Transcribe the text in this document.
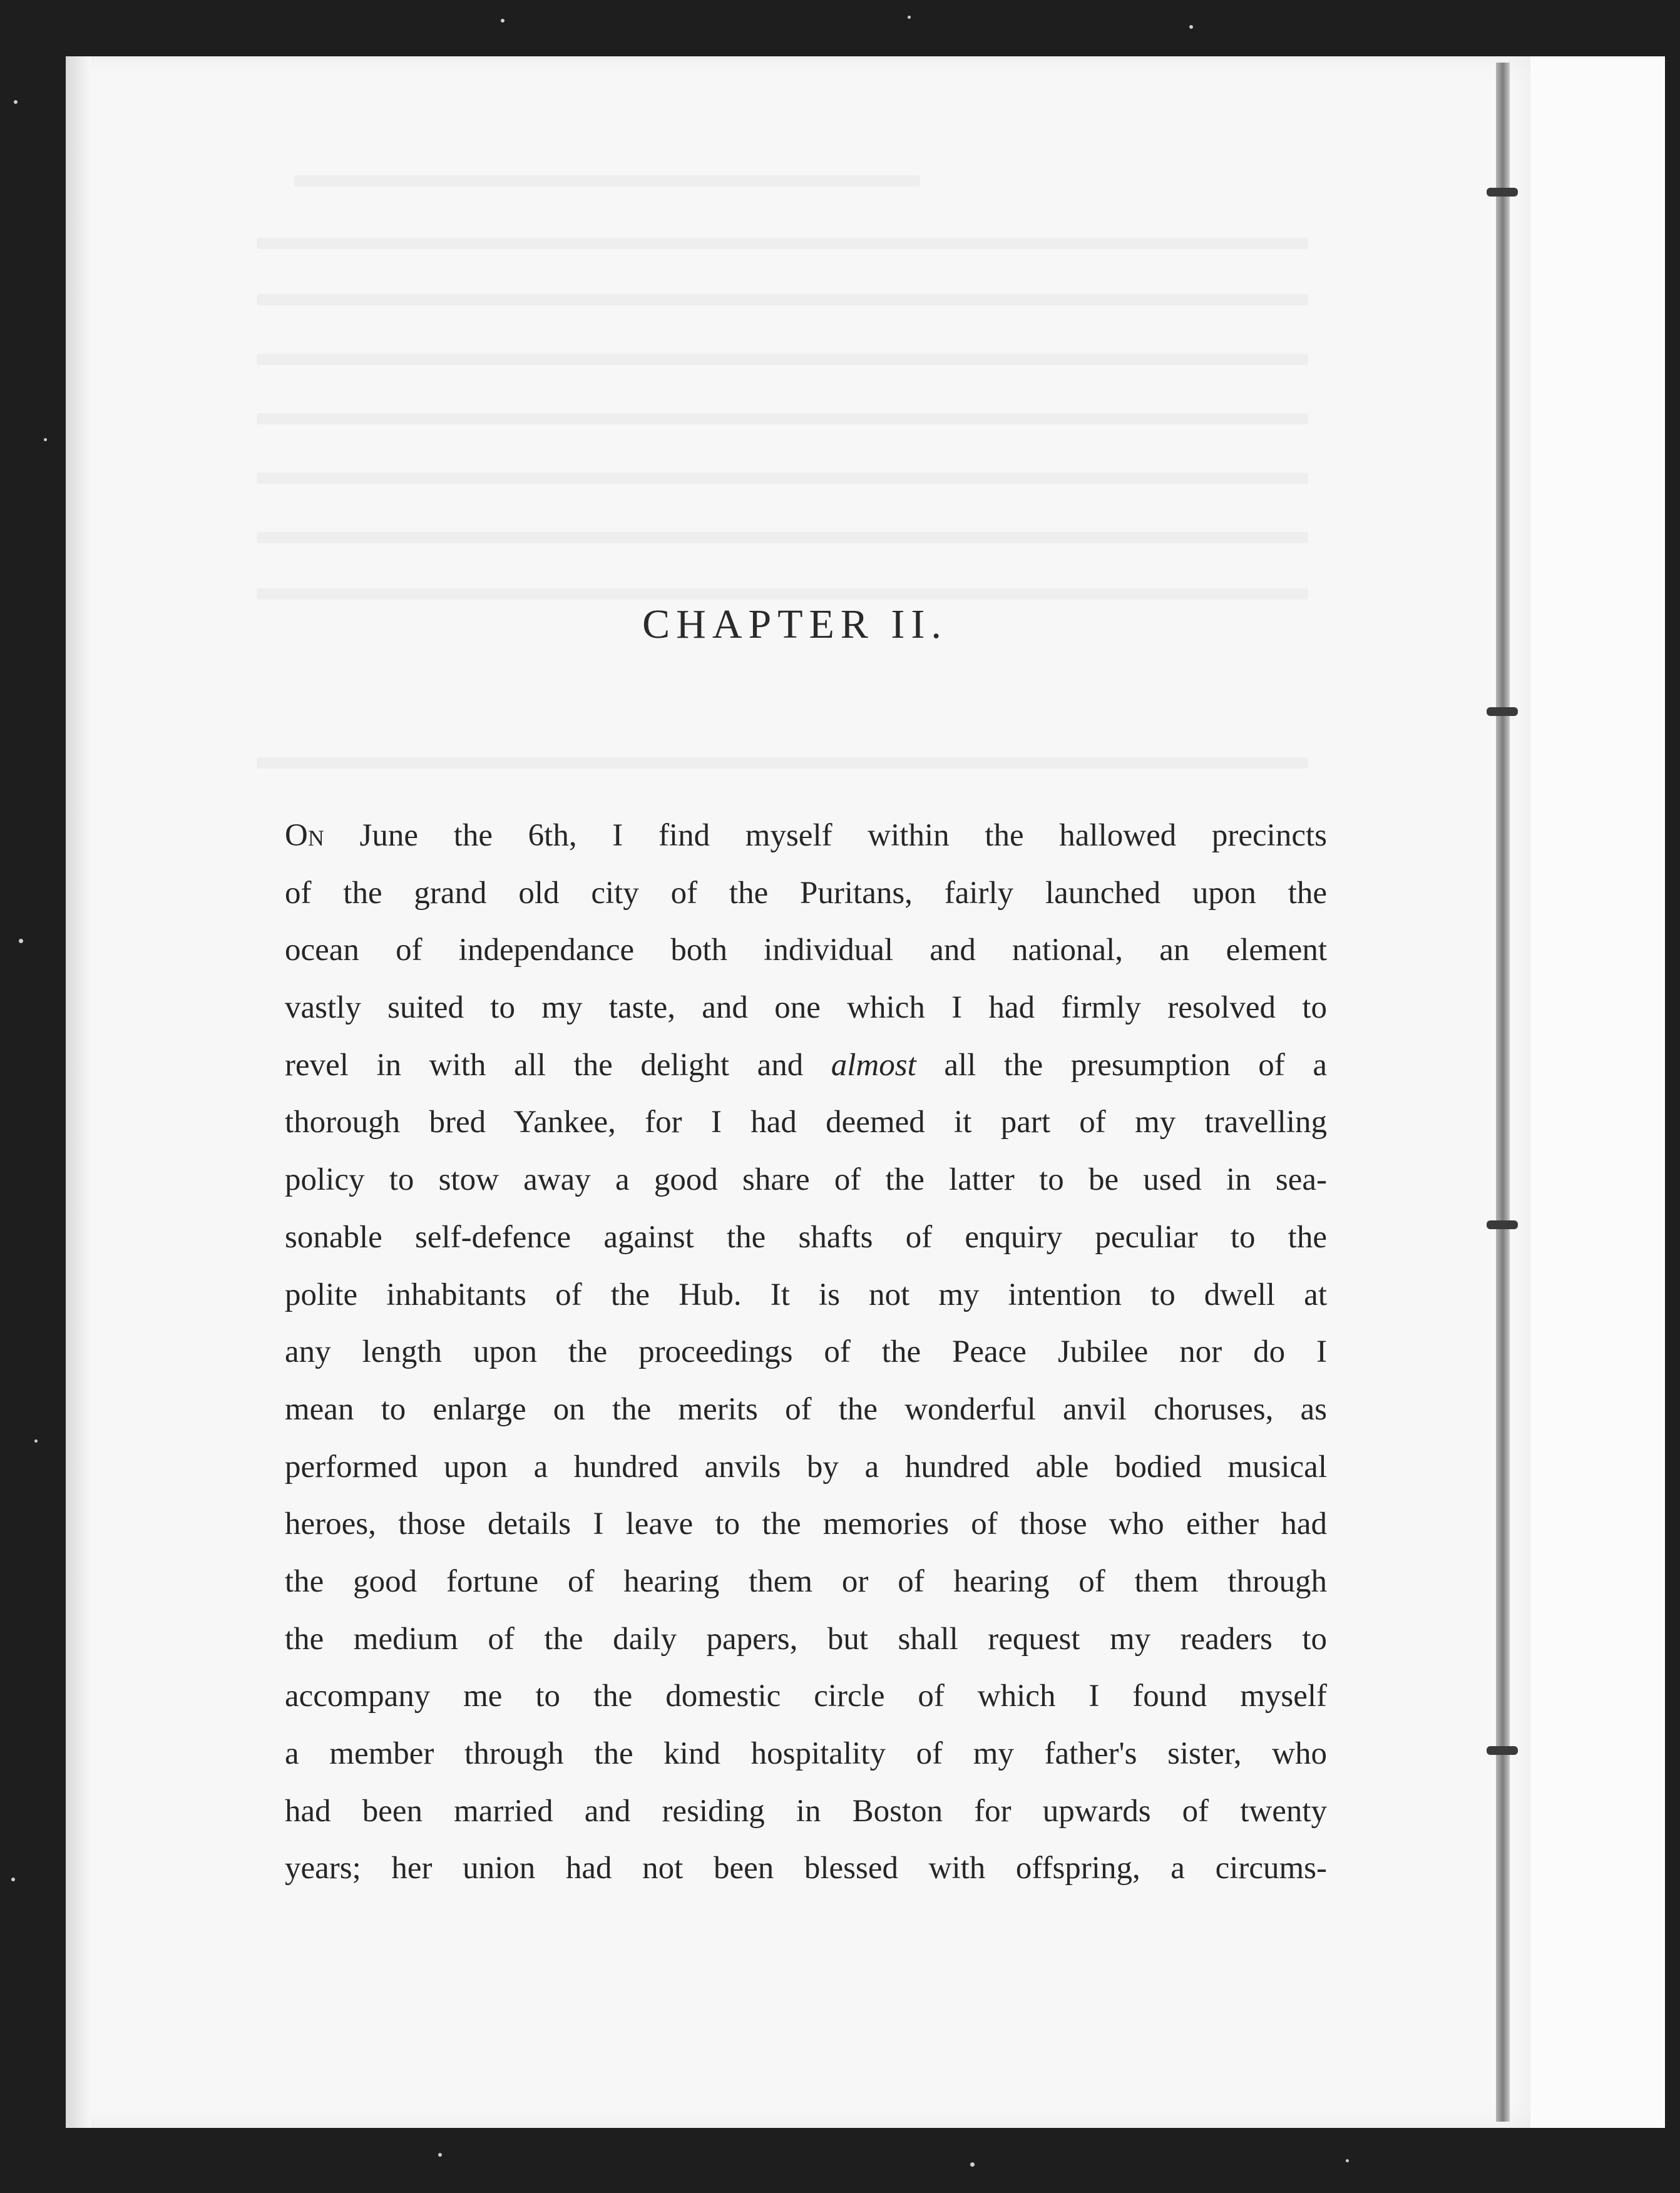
CHAPTER II.
On June the 6th, I find myself within the hallowed precincts
of the grand old city of the Puritans, fairly launched upon the
ocean of independance both individual and national, an element
vastly suited to my taste, and one which I had firmly resolved to
revel in with all the delight and almost all the presumption of a
thorough bred Yankee, for I had deemed it part of my travelling
policy to stow away a good share of the latter to be used in sea-
sonable self-defence against the shafts of enquiry peculiar to the
polite inhabitants of the Hub. It is not my intention to dwell at
any length upon the proceedings of the Peace Jubilee nor do I
mean to enlarge on the merits of the wonderful anvil choruses, as
performed upon a hundred anvils by a hundred able bodied musical
heroes, those details I leave to the memories of those who either had
the good fortune of hearing them or of hearing of them through
the medium of the daily papers, but shall request my readers to
accompany me to the domestic circle of which I found myself
a member through the kind hospitality of my father's sister, who
had been married and residing in Boston for upwards of twenty
years; her union had not been blessed with offspring, a circums-
